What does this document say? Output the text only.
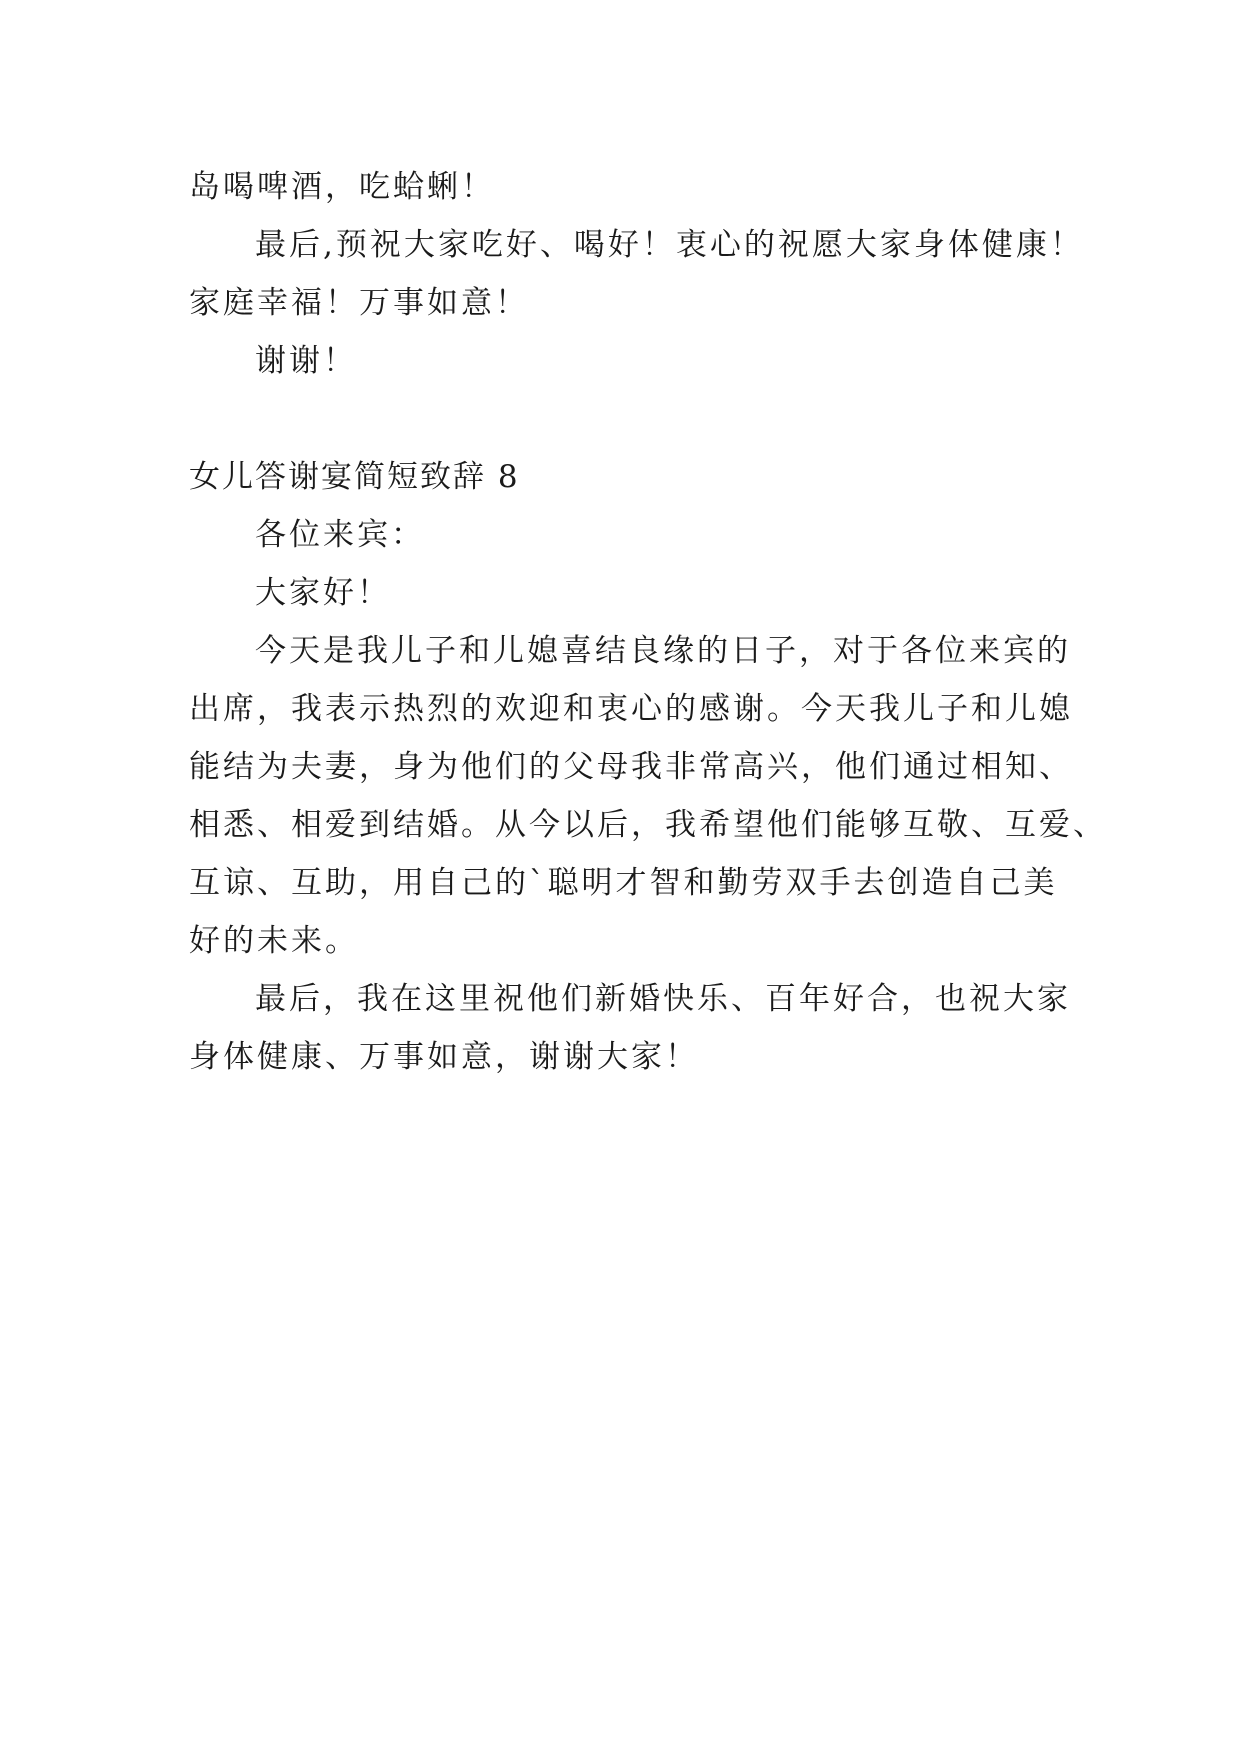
岛喝啤酒，吃蛤蜊！
最后,预祝大家吃好、喝好！衷心的祝愿大家身体健康！
家庭幸福！万事如意！
谢谢！
女儿答谢宴简短致辞 8
各位来宾：
大家好！
今天是我儿子和儿媳喜结良缘的日子，对于各位来宾的
出席，我表示热烈的欢迎和衷心的感谢。今天我儿子和儿媳
能结为夫妻，身为他们的父母我非常高兴，他们通过相知、
相悉、相爱到结婚。从今以后，我希望他们能够互敬、互爱、
互谅、互助，用自己的`聪明才智和勤劳双手去创造自己美
好的未来。
最后，我在这里祝他们新婚快乐、百年好合，也祝大家
身体健康、万事如意，谢谢大家！
